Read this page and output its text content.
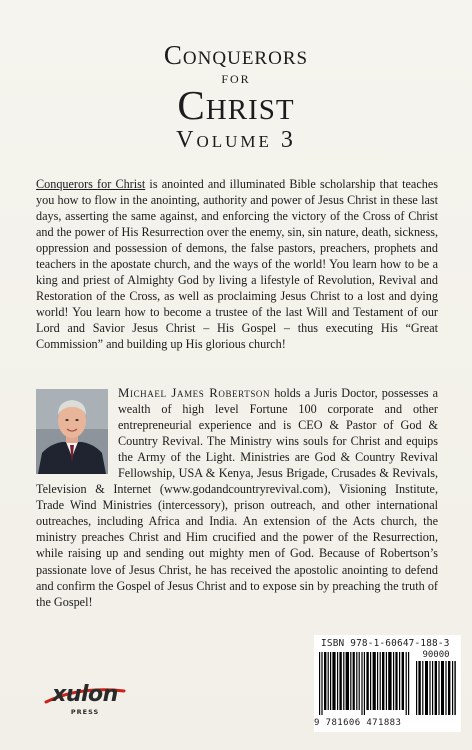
Conquerors
for
Christ
Volume 3
Conquerors for Christ is anointed and illuminated Bible scholarship that teaches you how to flow in the anointing, authority and power of Jesus Christ in these last days, asserting the same against, and enforcing the victory of the Cross of Christ and the power of His Resurrection over the enemy, sin, sin nature, death, sickness, oppression and possession of demons, the false pastors, preachers, prophets and teachers in the apostate church, and the ways of the world! You learn how to be a king and priest of Almighty God by living a lifestyle of Revolution, Revival and Restoration of the Cross, as well as proclaiming Jesus Christ to a lost and dying world! You learn how to become a trustee of the last Will and Testament of our Lord and Savior Jesus Christ – His Gospel – thus executing His “Great Commission” and building up His glorious church!
Michael James Robertson holds a Juris Doctor, possesses a wealth of high level Fortune 100 corporate and other entrepreneurial experience and is CEO & Pastor of God & Country Revival. The Ministry wins souls for Christ and equips the Army of the Light. Ministries are God & Country Revival Fellowship, USA & Kenya, Jesus Brigade, Crusades & Revivals, Television & Internet (www.godandcountryrevival.com), Visioning Institute, Trade Wind Ministries (intercessory), prison outreach, and other international outreaches, including Africa and India. An extension of the Acts church, the ministry preaches Christ and Him crucified and the power of the Resurrection, while raising up and sending out mighty men of God. Because of Robertson’s passionate love of Jesus Christ, he has received the apostolic anointing to defend and confirm the Gospel of Jesus Christ and to expose sin by preaching the truth of the Gospel!
ISBN 978-1-60647-188-3
90000
9 781606 471883
xulon
PRESS
